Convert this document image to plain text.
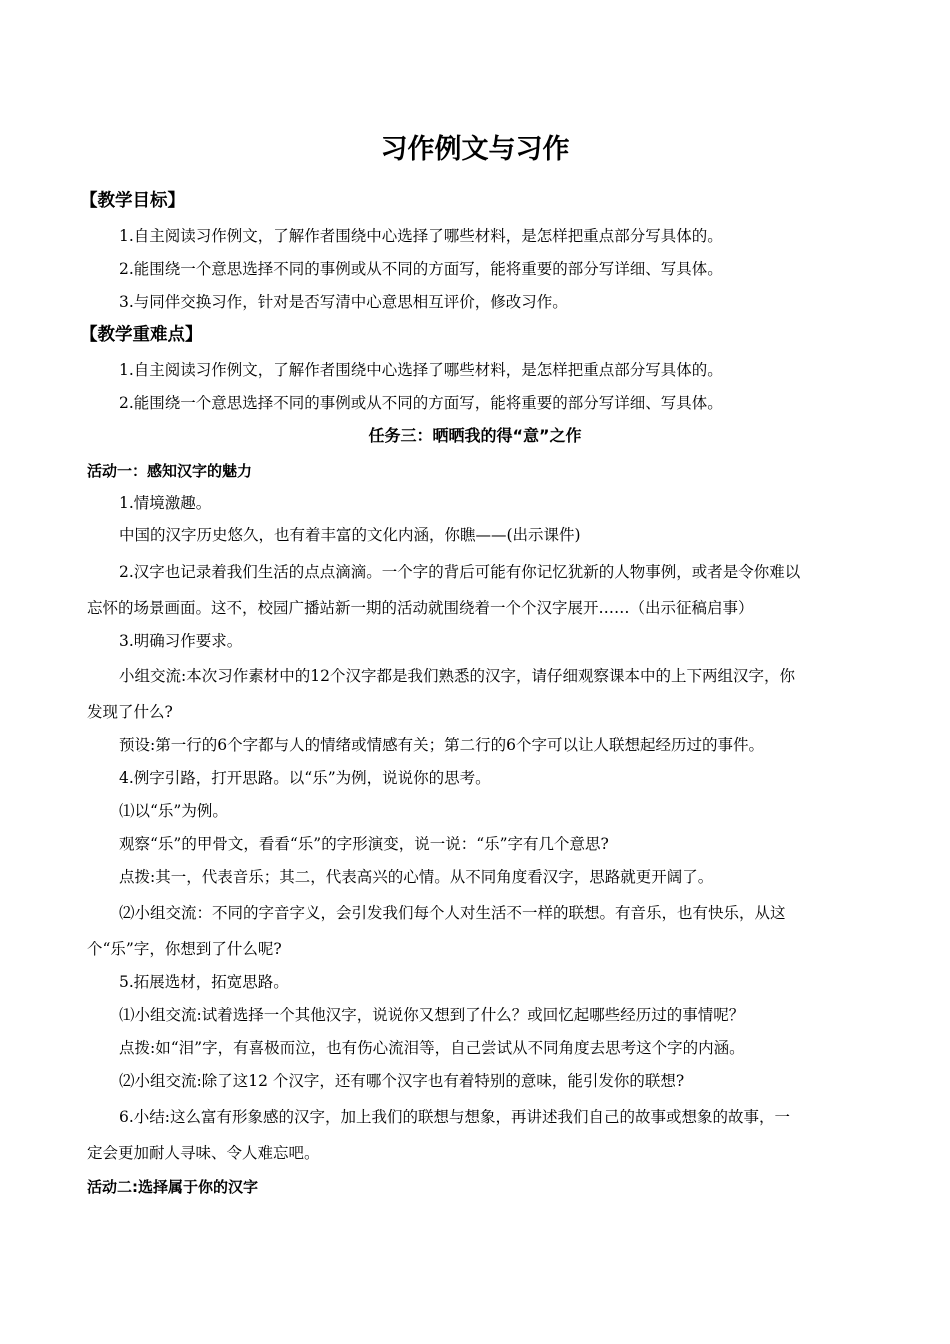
习作例文与习作
【教学目标】
1.自主阅读习作例文，了解作者围绕中心选择了哪些材料，是怎样把重点部分写具体的。
2.能围绕一个意思选择不同的事例或从不同的方面写，能将重要的部分写详细、写具体。
3.与同伴交换习作，针对是否写清中心意思相互评价，修改习作。
【教学重难点】
1.自主阅读习作例文，了解作者围绕中心选择了哪些材料，是怎样把重点部分写具体的。
2.能围绕一个意思选择不同的事例或从不同的方面写，能将重要的部分写详细、写具体。
任务三：晒晒我的得“意”之作
活动一：感知汉字的魅力
1.情境激趣。
中国的汉字历史悠久，也有着丰富的文化内涵，你瞧——(出示课件)
2.汉字也记录着我们生活的点点滴滴。一个字的背后可能有你记忆犹新的人物事例，或者是令你难以
忘怀的场景画面。这不，校园广播站新一期的活动就围绕着一个个汉字展开……（出示征稿启事）
3.明确习作要求。
小组交流:本次习作素材中的12个汉字都是我们熟悉的汉字，请仔细观察课本中的上下两组汉字，你
发现了什么?
预设:第一行的6个字都与人的情绪或情感有关；第二行的6个字可以让人联想起经历过的事件。
4.例字引路，打开思路。以“乐”为例，说说你的思考。
⑴以“乐”为例。
观察“乐”的甲骨文，看看“乐”的字形演变，说一说：“乐”字有几个意思?
点拨:其一，代表音乐；其二，代表高兴的心情。从不同角度看汉字，思路就更开阔了。
⑵小组交流：不同的字音字义，会引发我们每个人对生活不一样的联想。有音乐，也有快乐，从这
个“乐”字，你想到了什么呢?
5.拓展选材，拓宽思路。
⑴小组交流:试着选择一个其他汉字，说说你又想到了什么？或回忆起哪些经历过的事情呢？
点拨:如“泪”字，有喜极而泣，也有伤心流泪等，自己尝试从不同角度去思考这个字的内涵。
⑵小组交流:除了这12 个汉字，还有哪个汉字也有着特别的意味，能引发你的联想?
6.小结:这么富有形象感的汉字，加上我们的联想与想象，再讲述我们自己的故事或想象的故事，一
定会更加耐人寻味、令人难忘吧。
活动二:选择属于你的汉字
